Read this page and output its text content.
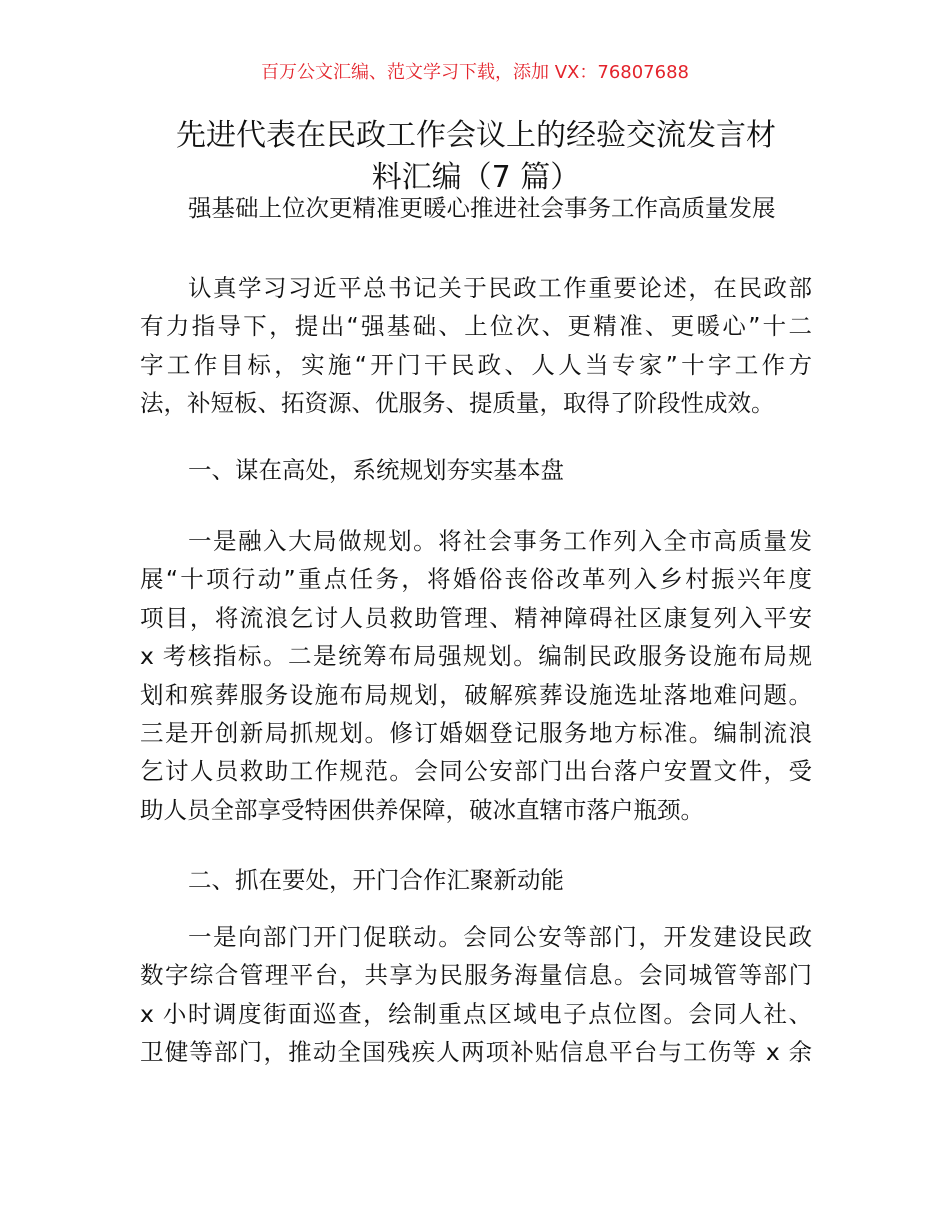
百万公文汇编、范文学习下载，添加 VX：76807688
先进代表在民政工作会议上的经验交流发言材
料汇编（7 篇）
强基础上位次更精准更暖心推进社会事务工作高质量发展
认真学习习近平总书记关于民政工作重要论述，在民政部
有力指导下，提出“强基础、上位次、更精准、更暖心”十二
字工作目标，实施“开门干民政、人人当专家”十字工作方
法，补短板、拓资源、优服务、提质量，取得了阶段性成效。
一、谋在高处，系统规划夯实基本盘
一是融入大局做规划。将社会事务工作列入全市高质量发
展“十项行动”重点任务，将婚俗丧俗改革列入乡村振兴年度
项目，将流浪乞讨人员救助管理、精神障碍社区康复列入平安
x 考核指标。二是统筹布局强规划。编制民政服务设施布局规
划和殡葬服务设施布局规划，破解殡葬设施选址落地难问题。
三是开创新局抓规划。修订婚姻登记服务地方标准。编制流浪
乞讨人员救助工作规范。会同公安部门出台落户安置文件，受
助人员全部享受特困供养保障，破冰直辖市落户瓶颈。
二、抓在要处，开门合作汇聚新动能
一是向部门开门促联动。会同公安等部门，开发建设民政
数字综合管理平台，共享为民服务海量信息。会同城管等部门
x 小时调度街面巡查，绘制重点区域电子点位图。会同人社、
卫健等部门，推动全国残疾人两项补贴信息平台与工伤等 x 余
